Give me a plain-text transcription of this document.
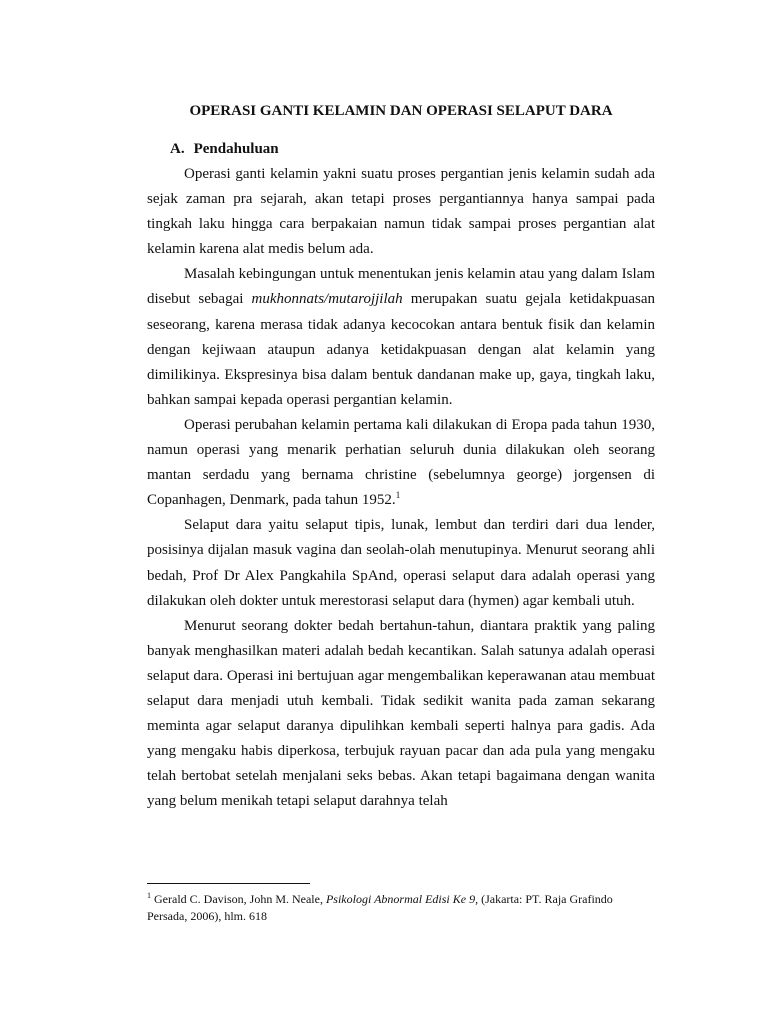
OPERASI GANTI KELAMIN DAN OPERASI SELAPUT DARA
A. Pendahuluan

Operasi ganti kelamin yakni suatu proses pergantian jenis kelamin sudah ada sejak zaman pra sejarah, akan tetapi proses pergantiannya hanya sampai pada tingkah laku hingga cara berpakaian namun tidak sampai proses pergantian alat kelamin karena alat medis belum ada.

Masalah kebingungan untuk menentukan jenis kelamin atau yang dalam Islam disebut sebagai mukhonnats/mutarojjilah merupakan suatu gejala ketidakpuasan seseorang, karena merasa tidak adanya kecocokan antara bentuk fisik dan kelamin dengan kejiwaan ataupun adanya ketidakpuasan dengan alat kelamin yang dimilikinya. Ekspresinya bisa dalam bentuk dandanan make up, gaya, tingkah laku, bahkan sampai kepada operasi pergantian kelamin.

Operasi perubahan kelamin pertama kali dilakukan di Eropa pada tahun 1930, namun operasi yang menarik perhatian seluruh dunia dilakukan oleh seorang mantan serdadu yang bernama christine (sebelumnya george) jorgensen di Copanhagen, Denmark, pada tahun 1952.$^1$

Selaput dara yaitu selaput tipis, lunak, lembut dan terdiri dari dua lender, posisinya dijalan masuk vagina dan seolah-olah menutupinya. Menurut seorang ahli bedah, Prof Dr Alex Pangkahila SpAnd, operasi selaput dara adalah operasi yang dilakukan oleh dokter untuk merestorasi selaput dara (hymen) agar kembali utuh.

Menurut seorang dokter bedah bertahun-tahun, diantara praktik yang paling banyak menghasilkan materi adalah bedah kecantikan. Salah satunya adalah operasi selaput dara. Operasi ini bertujuan agar mengembalikan keperawanan atau membuat selaput dara menjadi utuh kembali. Tidak sedikit wanita pada zaman sekarang meminta agar selaput daranya dipulihkan kembali seperti halnya para gadis. Ada yang mengaku habis diperkosa, terbujuk rayuan pacar dan ada pula yang mengaku telah bertobat setelah menjalani seks bebas. Akan tetapi bagaimana dengan wanita yang belum menikah tetapi selaput darahnya telah

$^1$ Gerald C. Davison, John M. Neale, Psikologi Abnormal Edisi Ke 9, (Jakarta: PT. Raja Grafindo Persada, 2006), hlm. 618
